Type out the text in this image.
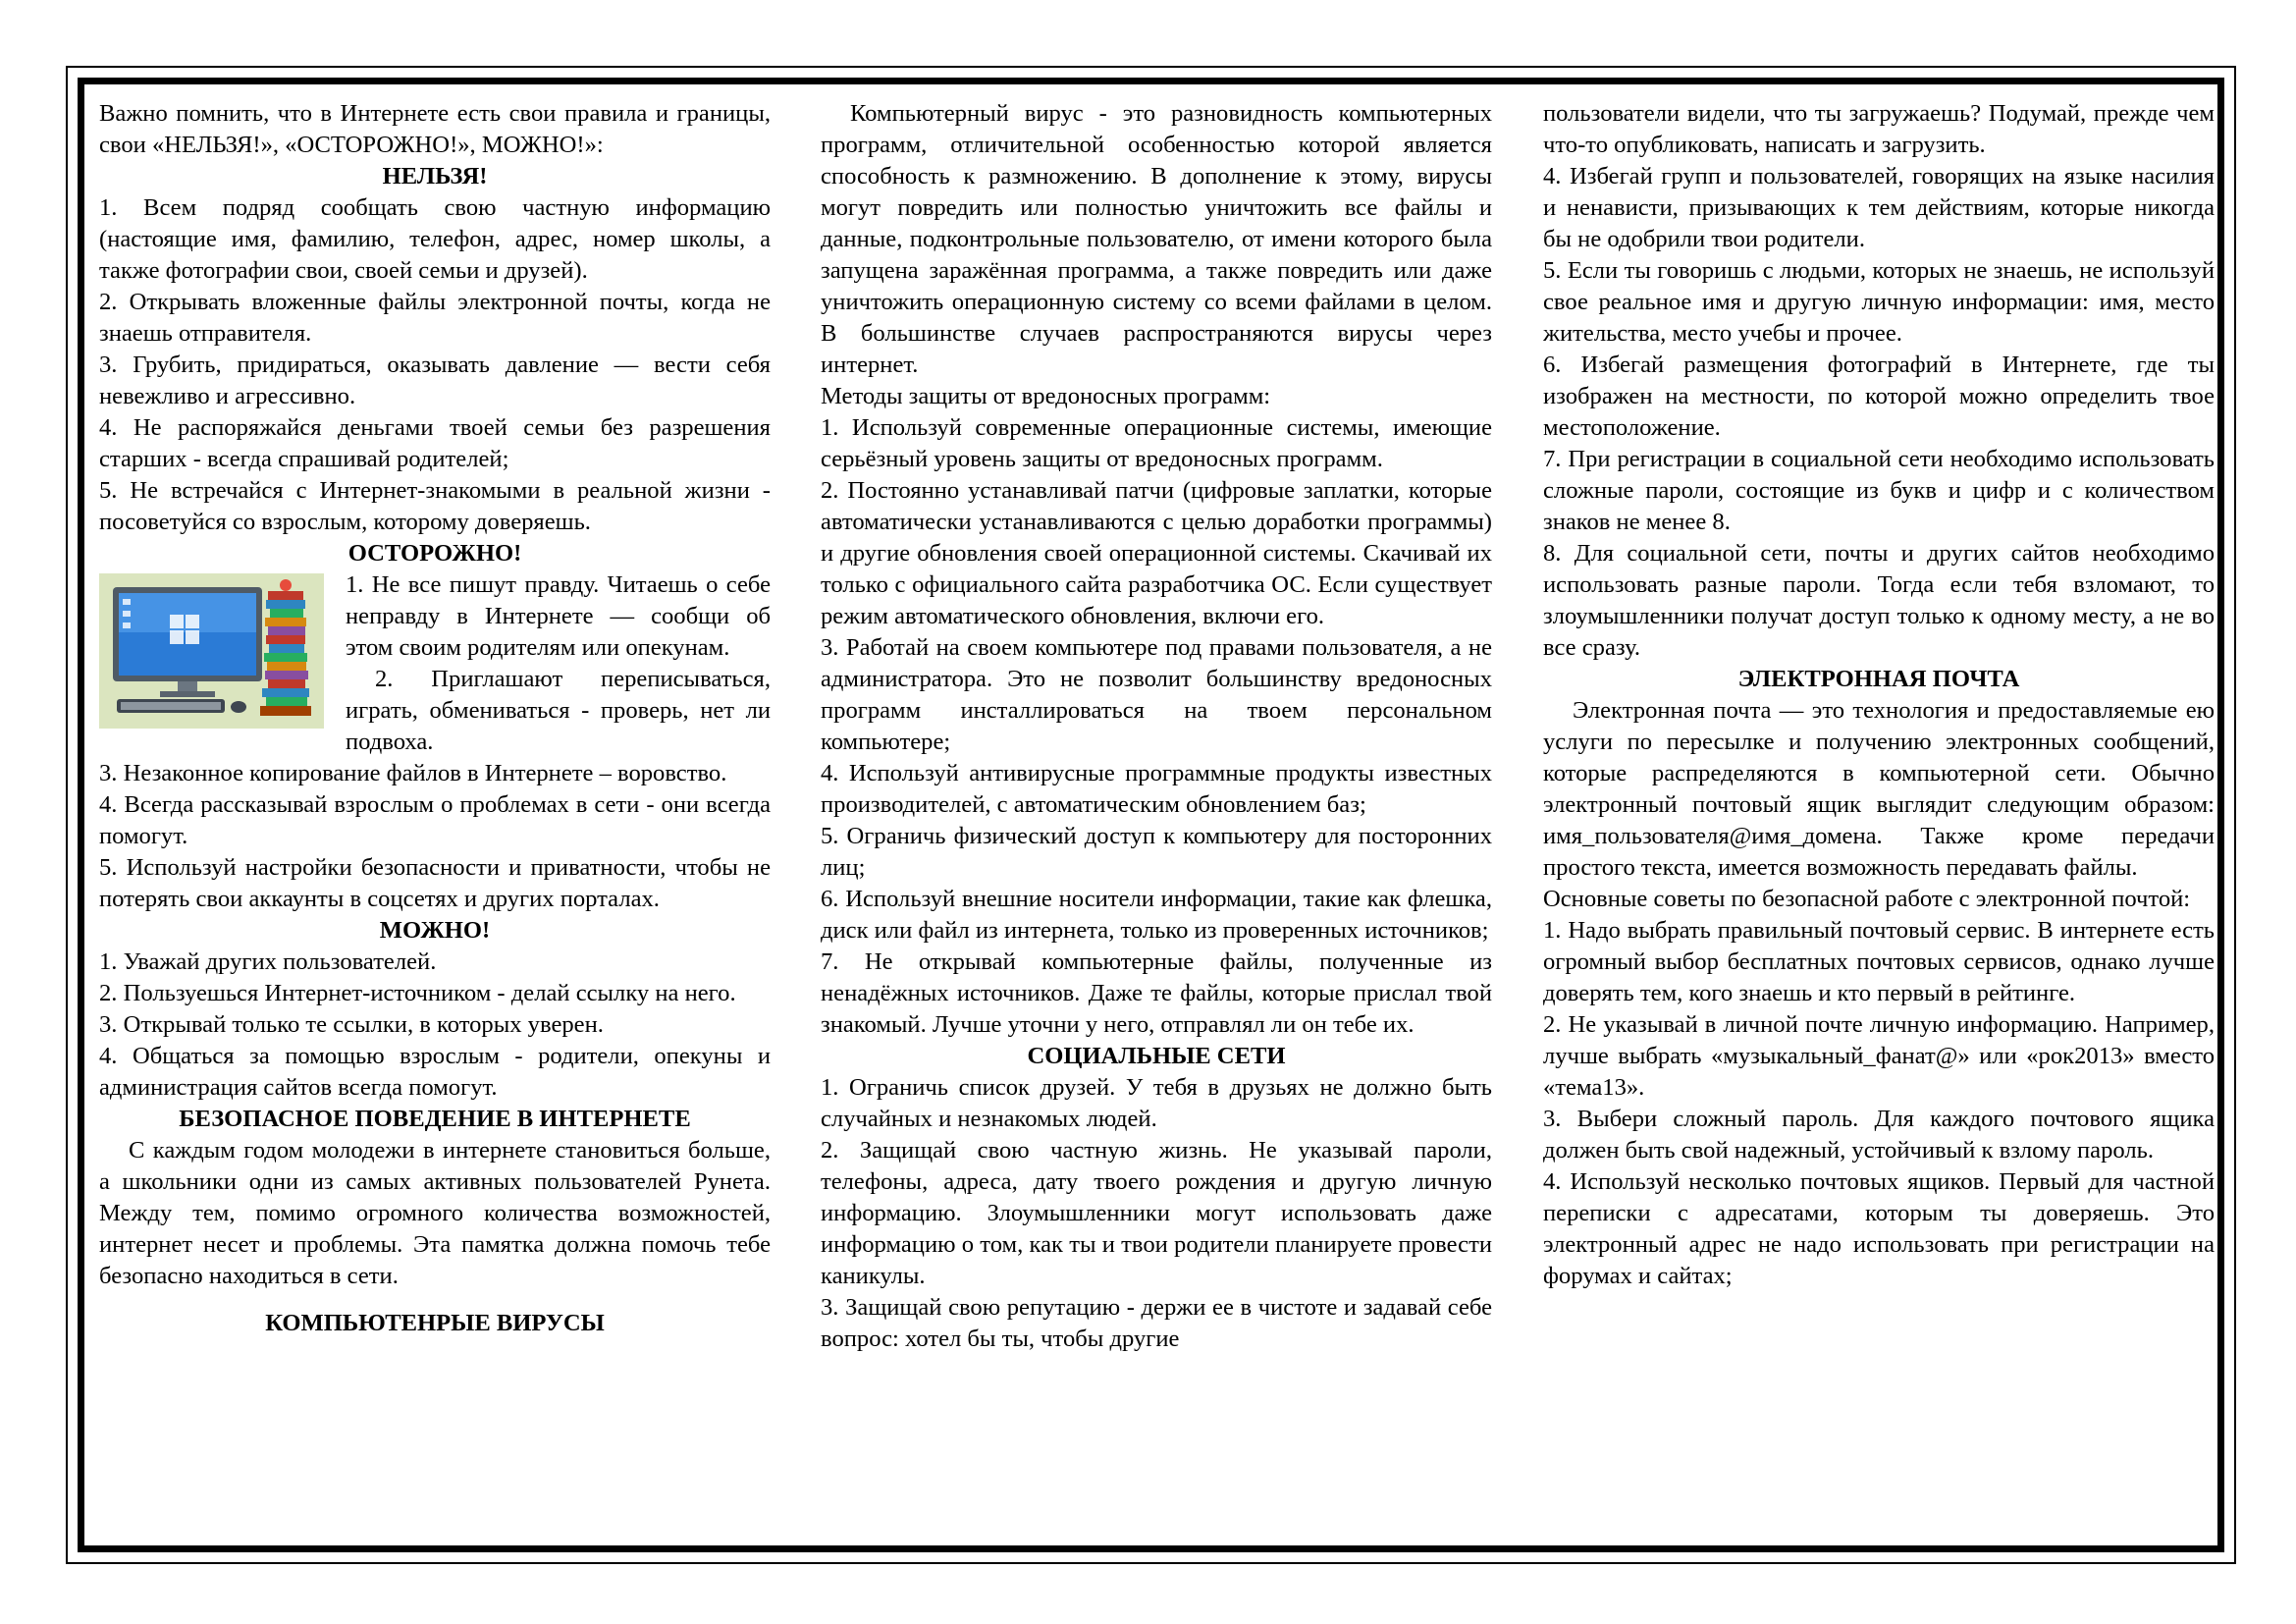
Важно помнить, что в Интернете есть свои правила и границы, свои «НЕЛЬЗЯ!», «ОСТОРОЖНО!», МОЖНО!»:

НЕЛЬЗЯ!

1. Всем подряд сообщать свою частную информацию (настоящие имя, фамилию, телефон, адрес, номер школы, а также фотографии свои, своей семьи и друзей).

2. Открывать вложенные файлы электронной почты, когда не знаешь отправителя.

3. Грубить, придираться, оказывать давление — вести себя невежливо и агрессивно.

4. Не распоряжайся деньгами твоей семьи без разрешения старших - всегда спрашивай родителей;

5. Не встречайся с Интернет-знакомыми в реальной жизни - посоветуйся со взрослым, которому доверяешь.

ОСТОРОЖНО!

1. Не все пишут правду. Читаешь о себе неправду в Интернете — сообщи об этом своим родителям или опекунам.

2. Приглашают переписываться, играть, обмениваться - проверь, нет ли подвоха.

3. Незаконное копирование файлов в Интернете – воровство.

4. Всегда рассказывай взрослым о проблемах в сети - они всегда помогут.

5. Используй настройки безопасности и приватности, чтобы не потерять свои аккаунты в соцсетях и других порталах.

МОЖНО!

1. Уважай других пользователей.

2. Пользуешься Интернет-источником - делай ссылку на него.

3. Открывай только те ссылки, в которых уверен.

4. Общаться за помощью взрослым - родители, опекуны и администрация сайтов всегда помогут.

БЕЗОПАСНОЕ ПОВЕДЕНИЕ В ИНТЕРНЕТЕ

С каждым годом молодежи в интернете становиться больше, а школьники одни из самых активных пользователей Рунета. Между тем, помимо огромного количества возможностей, интернет несет и проблемы. Эта памятка должна помочь тебе безопасно находиться в сети.

КОМПЬЮТЕНРЫЕ ВИРУСЫ

Компьютерный вирус - это разновидность компьютерных программ, отличительной особенностью которой является способность к размножению. В дополнение к этому, вирусы могут повредить или полностью уничтожить все файлы и данные, подконтрольные пользователю, от имени которого была запущена заражённая программа, а также повредить или даже уничтожить операционную систему со всеми файлами в целом. В большинстве случаев распространяются вирусы через интернет.

Методы защиты от вредоносных программ:

1. Используй современные операционные системы, имеющие серьёзный уровень защиты от вредоносных программ.

2. Постоянно устанавливай патчи (цифровые заплатки, которые автоматически устанавливаются с целью доработки программы) и другие обновления своей операционной системы. Скачивай их только с официального сайта разработчика ОС. Если существует режим автоматического обновления, включи его.

3. Работай на своем компьютере под правами пользователя, а не администратора. Это не позволит большинству вредоносных программ инсталлироваться на твоем персональном компьютере;

4. Используй антивирусные программные продукты известных производителей, с автоматическим обновлением баз;

5. Ограничь физический доступ к компьютеру для посторонних лиц;

6. Используй внешние носители информации, такие как флешка, диск или файл из интернета, только из проверенных источников;

7. Не открывай компьютерные файлы, полученные из ненадёжных источников. Даже те файлы, которые прислал твой знакомый. Лучше уточни у него, отправлял ли он тебе их.

СОЦИАЛЬНЫЕ СЕТИ

1. Ограничь список друзей. У тебя в друзьях не должно быть случайных и незнакомых людей.

2. Защищай свою частную жизнь. Не указывай пароли, телефоны, адреса, дату твоего рождения и другую личную информацию. Злоумышленники могут использовать даже информацию о том, как ты и твои родители планируете провести каникулы.

3. Защищай свою репутацию - держи ее в чистоте и задавай себе вопрос: хотел бы ты, чтобы другие

пользователи видели, что ты загружаешь? Подумай, прежде чем что-то опубликовать, написать и загрузить.

4. Избегай групп и пользователей, говорящих на языке насилия и ненависти, призывающих к тем действиям, которые никогда бы не одобрили твои родители.

5. Если ты говоришь с людьми, которых не знаешь, не используй свое реальное имя и другую личную информации: имя, место жительства, место учебы и прочее.

6. Избегай размещения фотографий в Интернете, где ты изображен на местности, по которой можно определить твое местоположение.

7. При регистрации в социальной сети необходимо использовать сложные пароли, состоящие из букв и цифр и с количеством знаков не менее 8.

8. Для социальной сети, почты и других сайтов необходимо использовать разные пароли. Тогда если тебя взломают, то злоумышленники получат доступ только к одному месту, а не во все сразу.

ЭЛЕКТРОННАЯ ПОЧТА

Электронная почта — это технология и предоставляемые ею услуги по пересылке и получению электронных сообщений, которые распределяются в компьютерной сети. Обычно электронный почтовый ящик выглядит следующим образом: имя_пользователя@имя_домена. Также кроме передачи простого текста, имеется возможность передавать файлы.

Основные советы по безопасной работе с электронной почтой:

1. Надо выбрать правильный почтовый сервис. В интернете есть огромный выбор бесплатных почтовых сервисов, однако лучше доверять тем, кого знаешь и кто первый в рейтинге.

2. Не указывай в личной почте личную информацию. Например, лучше выбрать «музыкальный_фанат@» или «рок2013» вместо «тема13».

3. Выбери сложный пароль. Для каждого почтового ящика должен быть свой надежный, устойчивый к взлому пароль.

4. Используй несколько почтовых ящиков. Первый для частной переписки с адресатами, которым ты доверяешь. Это электронный адрес не надо использовать при регистрации на форумах и сайтах;
